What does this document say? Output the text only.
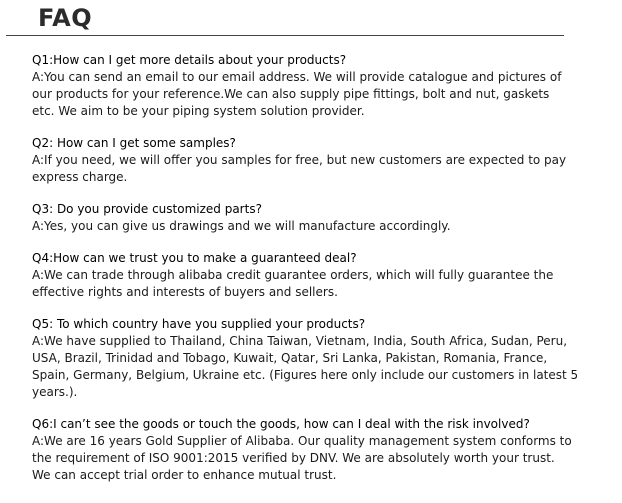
FAQ

Q1:How can I get more details about your products?

A:You can send an email to our email address. We will provide catalogue and pictures of

our products for your reference.We can also supply pipe fittings, bolt and nut, gaskets

etc. We aim to be your piping system solution provider.

Q2: How can I get some samples?

A:If you need, we will offer you samples for free, but new customers are expected to pay

express charge.

Q3: Do you provide customized parts?

A:Yes, you can give us drawings and we will manufacture accordingly.

Q4:How can we trust you to make a guaranteed deal?

A:We can trade through alibaba credit guarantee orders, which will fully guarantee the

effective rights and interests of buyers and sellers.

Q5: To which country have you supplied your products?

A:We have supplied to Thailand, China Taiwan, Vietnam, India, South Africa, Sudan, Peru,

USA, Brazil, Trinidad and Tobago, Kuwait, Qatar, Sri Lanka, Pakistan, Romania, France,

Spain, Germany, Belgium, Ukraine etc. (Figures here only include our customers in latest 5

years.).

Q6:I can’t see the goods or touch the goods, how can I deal with the risk involved?

A:We are 16 years Gold Supplier of Alibaba. Our quality management system conforms to

the requirement of ISO 9001:2015 verified by DNV. We are absolutely worth your trust.

We can accept trial order to enhance mutual trust.
